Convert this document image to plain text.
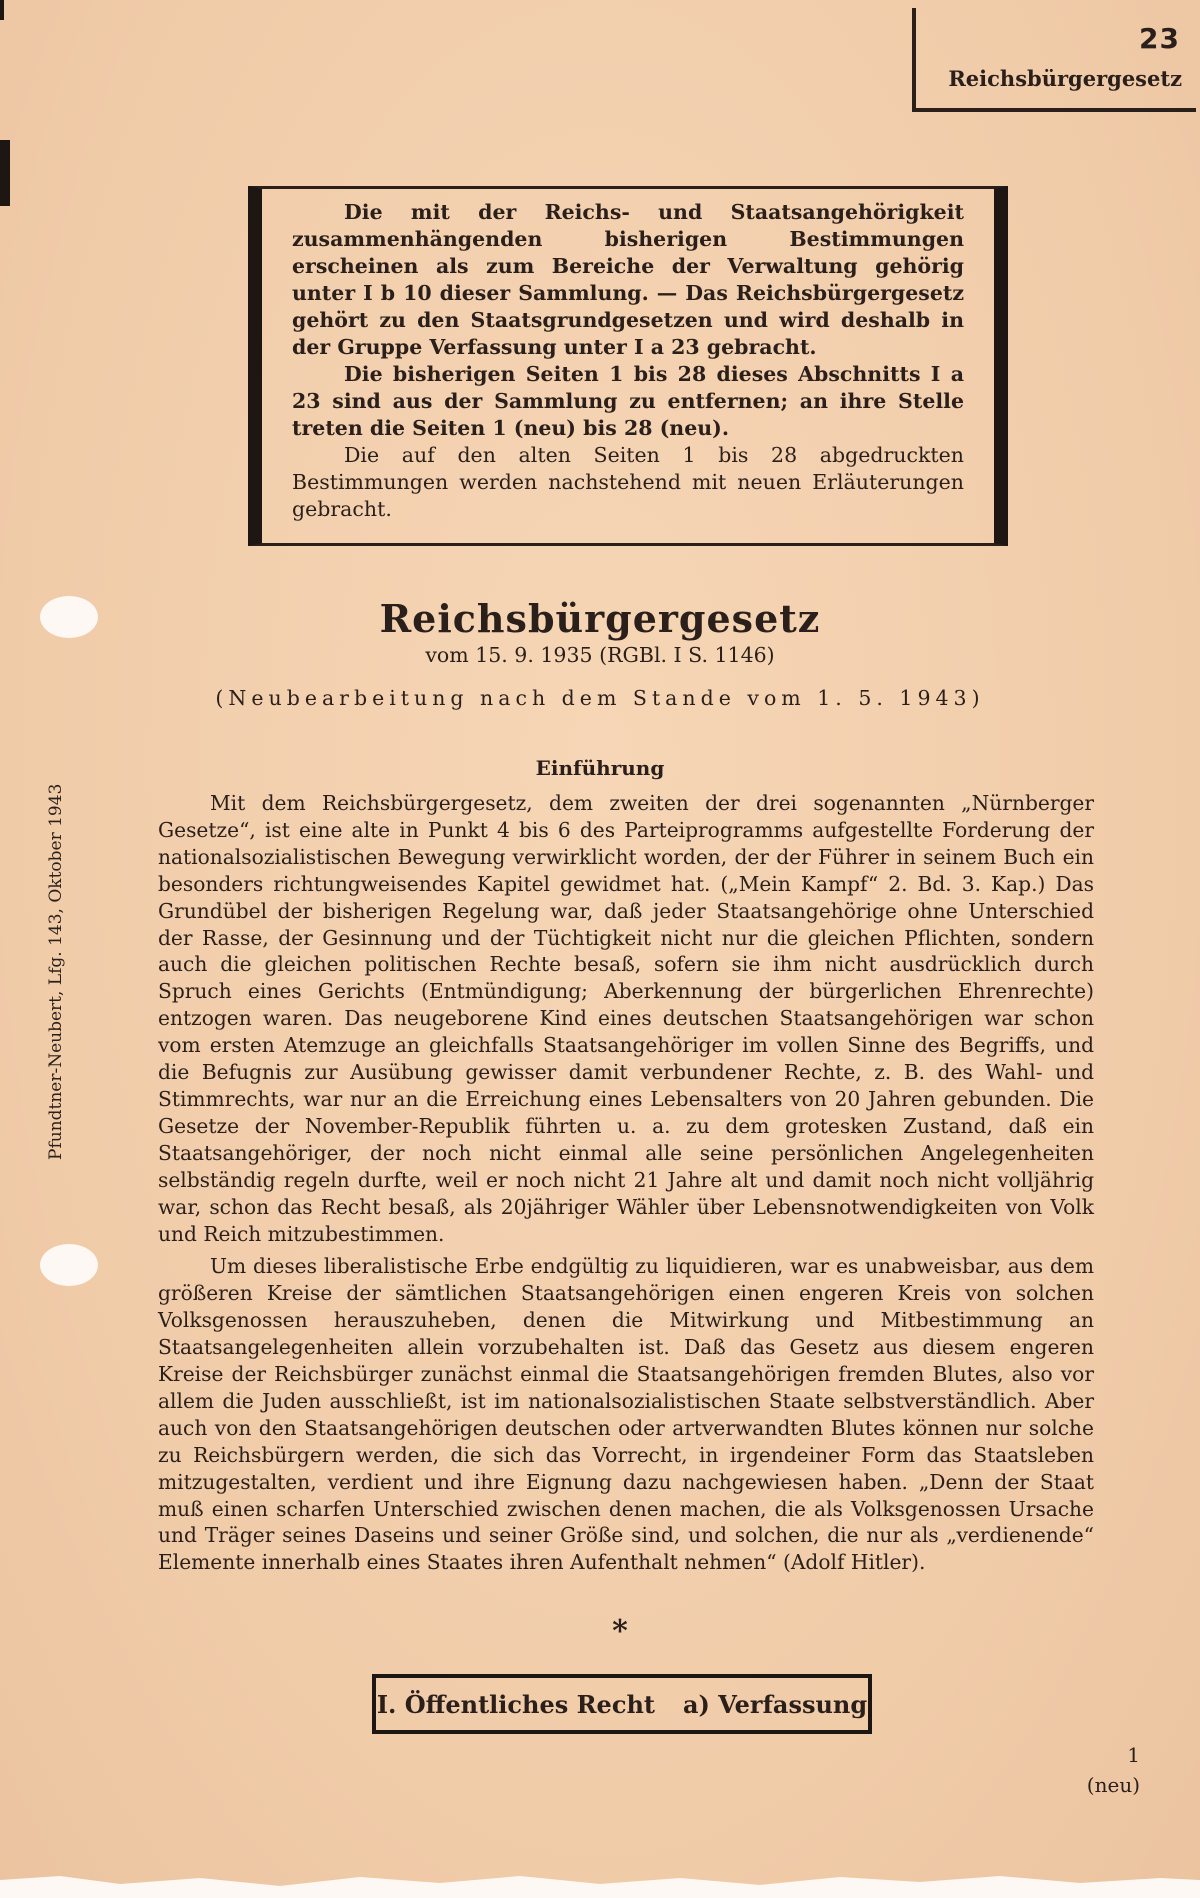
23
Reichsbürgergesetz

Die mit der Reichs- und Staatsangehörigkeit zusammenhängenden bisherigen Bestimmungen erscheinen als zum Bereiche der Verwaltung gehörig unter I b 10 dieser Sammlung. — Das Reichsbürgergesetz gehört zu den Staatsgrundgesetzen und wird deshalb in der Gruppe Verfassung unter I a 23 gebracht.

Die bisherigen Seiten 1 bis 28 dieses Abschnitts I a 23 sind aus der Sammlung zu entfernen; an ihre Stelle treten die Seiten 1 (neu) bis 28 (neu).

Die auf den alten Seiten 1 bis 28 abgedruckten Bestimmungen werden nachstehend mit neuen Erläuterungen gebracht.

Reichsbürgergesetz
vom 15. 9. 1935 (RGBl. I S. 1146)
(Neubearbeitung nach dem Stande vom 1. 5. 1943)
Einführung

Mit dem Reichsbürgergesetz, dem zweiten der drei sogenannten „Nürnberger Gesetze“, ist eine alte in Punkt 4 bis 6 des Parteiprogramms aufgestellte Forderung der nationalsozialistischen Bewegung verwirklicht worden, der der Führer in seinem Buch ein besonders richtungweisendes Kapitel gewidmet hat. („Mein Kampf“ 2. Bd. 3. Kap.) Das Grundübel der bisherigen Regelung war, daß jeder Staatsangehörige ohne Unterschied der Rasse, der Gesinnung und der Tüchtigkeit nicht nur die gleichen Pflichten, sondern auch die gleichen politischen Rechte besaß, sofern sie ihm nicht ausdrücklich durch Spruch eines Gerichts (Entmündigung; Aberkennung der bürgerlichen Ehrenrechte) entzogen waren. Das neugeborene Kind eines deutschen Staatsangehörigen war schon vom ersten Atemzuge an gleichfalls Staatsangehöriger im vollen Sinne des Begriffs, und die Befugnis zur Ausübung gewisser damit verbundener Rechte, z. B. des Wahl- und Stimmrechts, war nur an die Erreichung eines Lebensalters von 20 Jahren gebunden. Die Gesetze der November-Republik führten u. a. zu dem grotesken Zustand, daß ein Staatsangehöriger, der noch nicht einmal alle seine persönlichen Angelegenheiten selbständig regeln durfte, weil er noch nicht 21 Jahre alt und damit noch nicht volljährig war, schon das Recht besaß, als 20jähriger Wähler über Lebensnotwendigkeiten von Volk und Reich mitzubestimmen.

Um dieses liberalistische Erbe endgültig zu liquidieren, war es unabweisbar, aus dem größeren Kreise der sämtlichen Staatsangehörigen einen engeren Kreis von solchen Volksgenossen herauszuheben, denen die Mitwirkung und Mitbestimmung an Staatsangelegenheiten allein vorzubehalten ist. Daß das Gesetz aus diesem engeren Kreise der Reichsbürger zunächst einmal die Staatsangehörigen fremden Blutes, also vor allem die Juden ausschließt, ist im nationalsozialistischen Staate selbstverständlich. Aber auch von den Staatsangehörigen deutschen oder artverwandten Blutes können nur solche zu Reichsbürgern werden, die sich das Vorrecht, in irgendeiner Form das Staatsleben mitzugestalten, verdient und ihre Eignung dazu nachgewiesen haben. „Denn der Staat muß einen scharfen Unterschied zwischen denen machen, die als Volksgenossen Ursache und Träger seines Daseins und seiner Größe sind, und solchen, die nur als „verdienende“ Elemente innerhalb eines Staates ihren Aufenthalt nehmen“ (Adolf Hitler).

Pfundtner-Neubert, Lfg. 143, Oktober 1943
*
I. Öffentliches Recht a) Verfassung
1
(neu)
